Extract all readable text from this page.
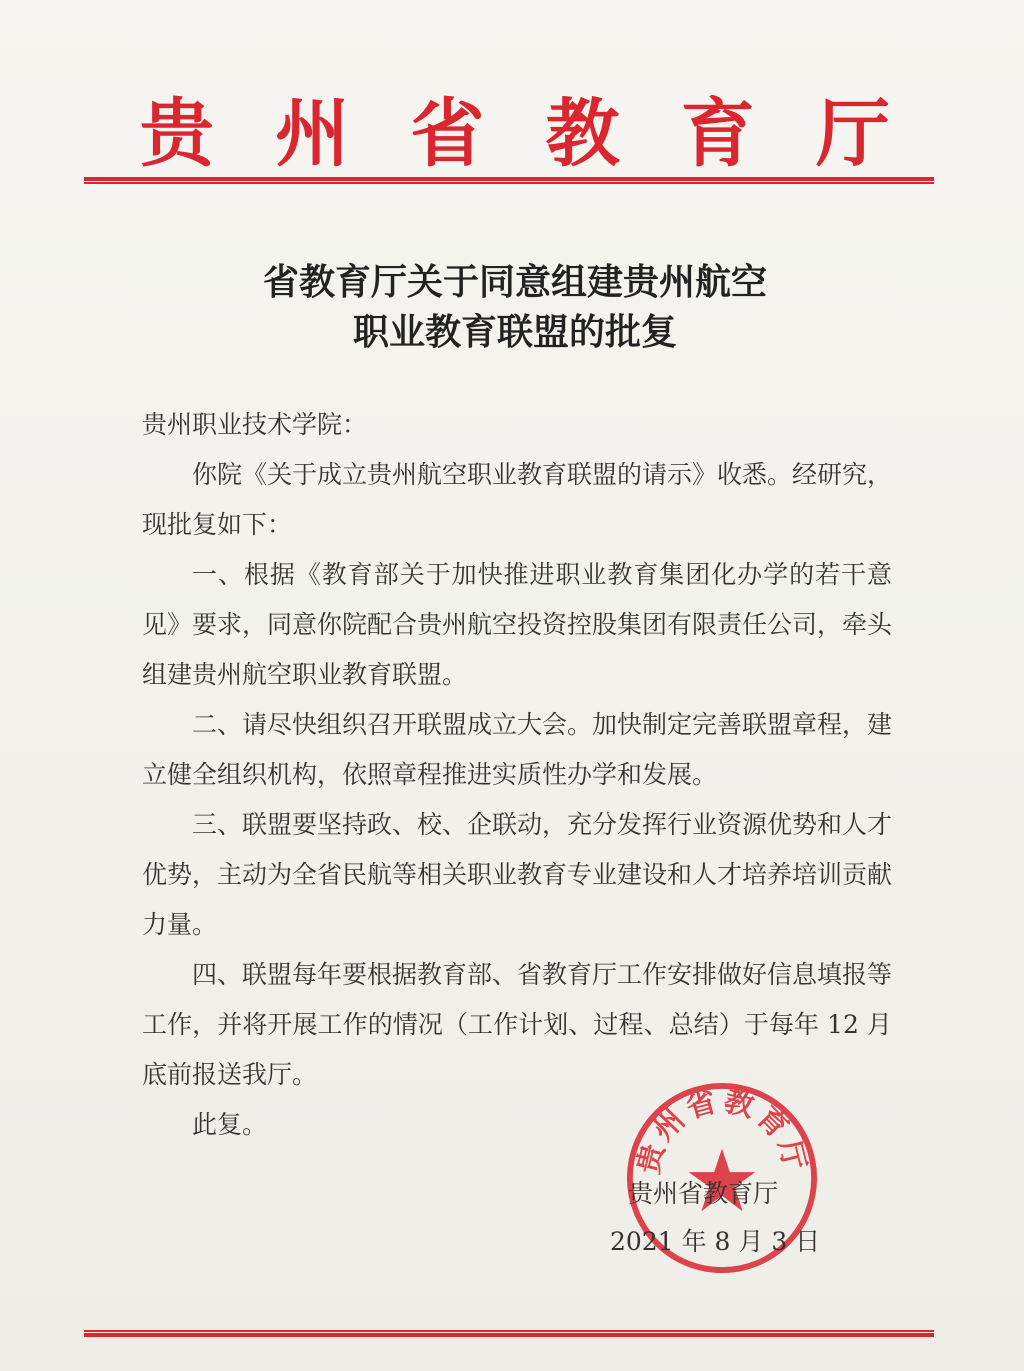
贵 州 省 教 育 厅
省教育厅关于同意组建贵州航空
职业教育联盟的批复

贵州职业技术学院：

你院《关于成立贵州航空职业教育联盟的请示》收悉。经研究，现批复如下：

一、根据《教育部关于加快推进职业教育集团化办学的若干意见》要求，同意你院配合贵州航空投资控股集团有限责任公司，牵头组建贵州航空职业教育联盟。

二、请尽快组织召开联盟成立大会。加快制定完善联盟章程，建立健全组织机构，依照章程推进实质性办学和发展。

三、联盟要坚持政、校、企联动，充分发挥行业资源优势和人才优势，主动为全省民航等相关职业教育专业建设和人才培养培训贡献力量。

四、联盟每年要根据教育部、省教育厅工作安排做好信息填报等工作，并将开展工作的情况（工作计划、过程、总结）于每年 12 月底前报送我厅。

此复。

贵州省教育厅
贵州省教育厅
2021 年 8 月 3 日
